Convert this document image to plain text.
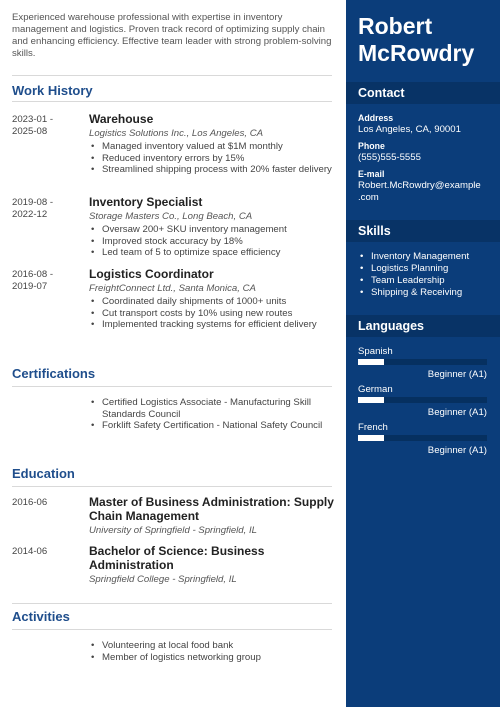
Experienced warehouse professional with expertise in inventory management and logistics. Proven track record of optimizing supply chain and enhancing efficiency. Effective team leader with strong problem-solving skills.
Work History
2023-01 -
2025-08
Warehouse
Logistics Solutions Inc., Los Angeles, CA
• Managed inventory valued at $1M monthly
• Reduced inventory errors by 15%
• Streamlined shipping process with 20% faster delivery
2019-08 -
2022-12
Inventory Specialist
Storage Masters Co., Long Beach, CA
• Oversaw 200+ SKU inventory management
• Improved stock accuracy by 18%
• Led team of 5 to optimize space efficiency
2016-08 -
2019-07
Logistics Coordinator
FreightConnect Ltd., Santa Monica, CA
• Coordinated daily shipments of 1000+ units
• Cut transport costs by 10% using new routes
• Implemented tracking systems for efficient delivery
Certifications
• Certified Logistics Associate - Manufacturing Skill Standards Council
• Forklift Safety Certification - National Safety Council
Education
2016-06	Master of Business Administration: Supply Chain Management
University of Springfield - Springfield, IL
2014-06	Bachelor of Science: Business Administration
Springfield College - Springfield, IL
Activities
• Volunteering at local food bank
• Member of logistics networking group
Robert
McRowdry
Contact
Address
Los Angeles, CA, 90001
Phone
(555)555-5555
E-mail
Robert.McRowdry@example
.com
Skills
• Inventory Management
• Logistics Planning
• Team Leadership
• Shipping & Receiving
Languages
Spanish
Beginner (A1)
German
Beginner (A1)
French
Beginner (A1)
